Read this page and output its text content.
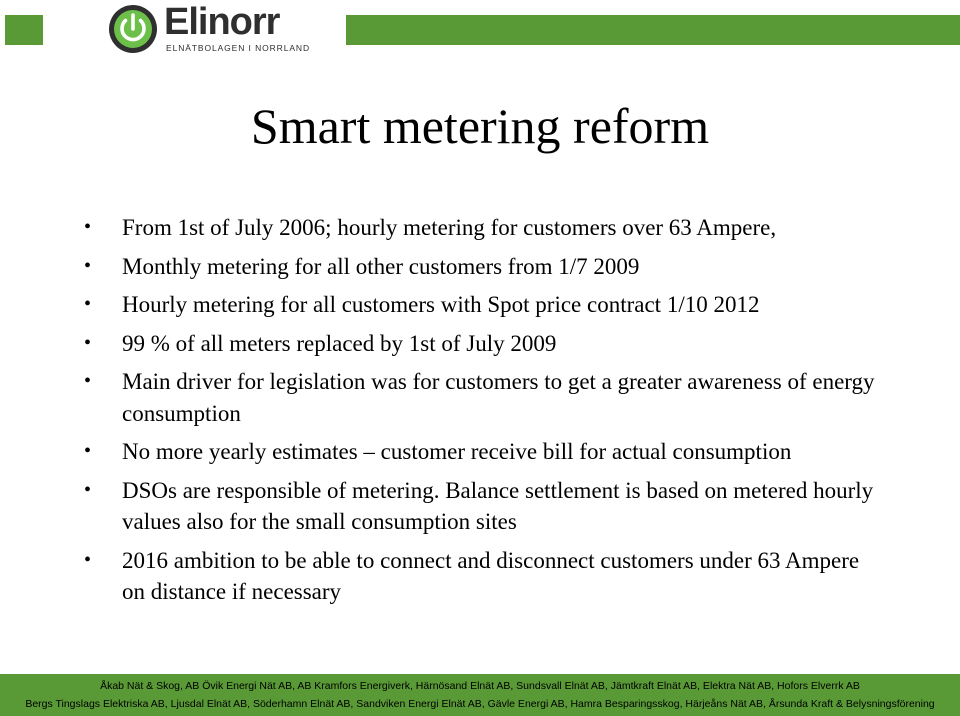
Elinorr
ELNÄTBOLAGEN I NORRLAND
Smart metering reform
• From 1st of July 2006; hourly metering for customers over 63 Ampere,
• Monthly metering for all other customers from 1/7 2009
• Hourly metering for all customers with Spot price contract 1/10 2012
• 99 % of all meters replaced by 1st of July 2009
• Main driver for legislation was for customers to get a greater awareness of energy consumption
• No more yearly estimates – customer receive bill for actual consumption
• DSOs are responsible of metering. Balance settlement is based on metered hourly values also for the small consumption sites
• 2016 ambition to be able to connect and disconnect customers under 63 Ampere on distance if necessary
Åkab Nät & Skog, AB Övik Energi Nät AB, AB Kramfors Energiverk, Härnösand Elnät AB, Sundsvall Elnät AB, Jämtkraft Elnät AB, Elektra Nät AB, Hofors Elverrk AB
Bergs Tingslags Elektriska AB, Ljusdal Elnät AB, Söderhamn Elnät AB, Sandviken Energi Elnät AB, Gävle Energi AB, Hamra Besparingsskog, Härjeåns Nät AB, Årsunda Kraft & Belysningsförening
